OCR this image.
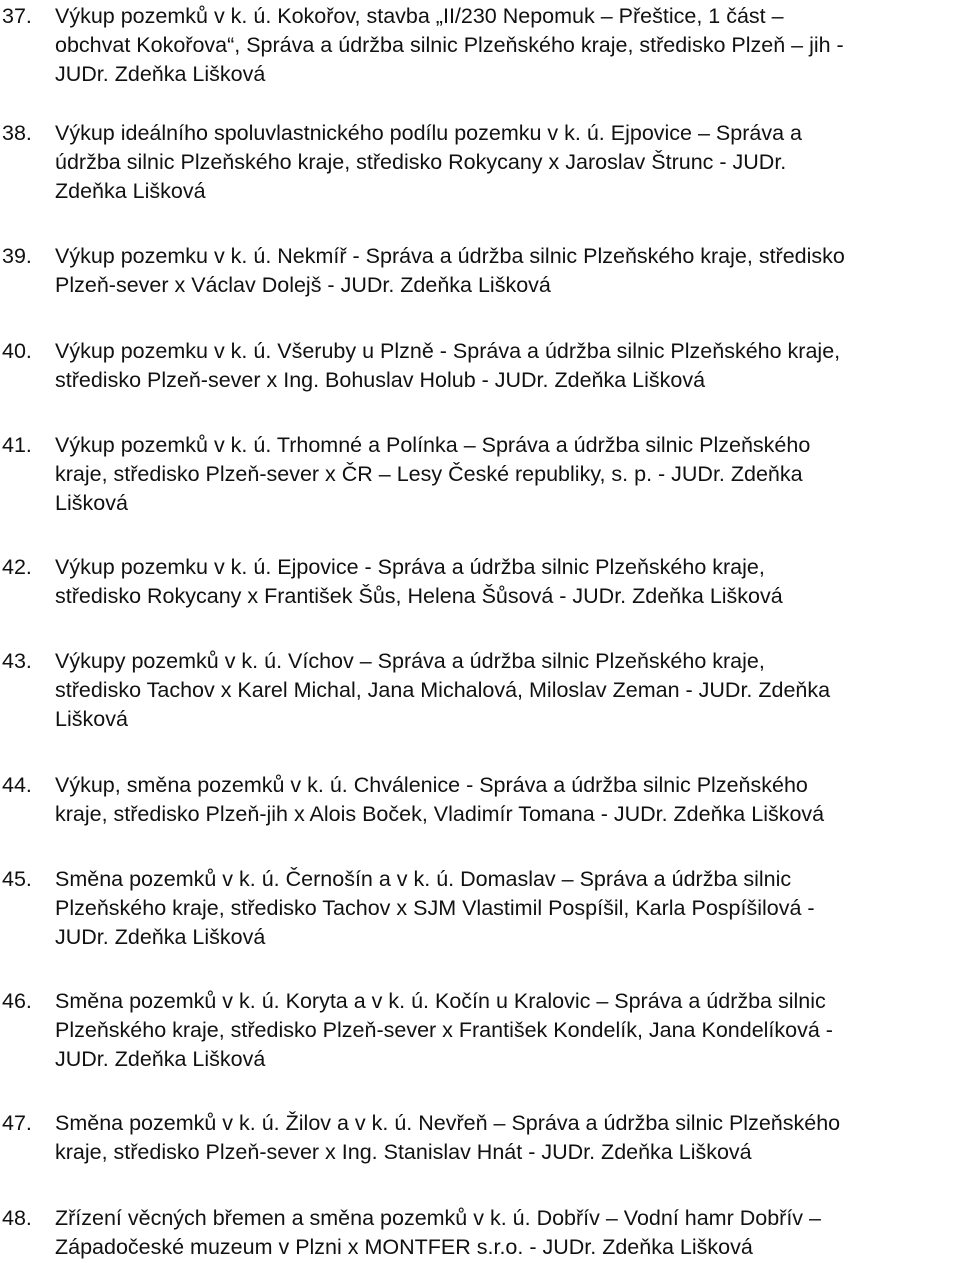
37. Výkup pozemků v k. ú. Kokořov, stavba „II/230 Nepomuk – Přeštice, 1 část –
obchvat Kokořova“, Správa a údržba silnic Plzeňského kraje, středisko Plzeň – jih -
JUDr. Zdeňka Lišková
38. Výkup ideálního spoluvlastnického podílu pozemku v k. ú. Ejpovice – Správa a
údržba silnic Plzeňského kraje, středisko Rokycany x Jaroslav Štrunc - JUDr.
Zdeňka Lišková
39. Výkup pozemku v k. ú. Nekmíř - Správa a údržba silnic Plzeňského kraje, středisko
Plzeň-sever x Václav Dolejš - JUDr. Zdeňka Lišková
40. Výkup pozemku v k. ú. Všeruby u Plzně - Správa a údržba silnic Plzeňského kraje,
středisko Plzeň-sever x Ing. Bohuslav Holub - JUDr. Zdeňka Lišková
41. Výkup pozemků v k. ú. Trhomné a Polínka – Správa a údržba silnic Plzeňského
kraje, středisko Plzeň-sever x ČR – Lesy České republiky, s. p. - JUDr. Zdeňka
Lišková
42. Výkup pozemku v k. ú. Ejpovice - Správa a údržba silnic Plzeňského kraje,
středisko Rokycany x František Šůs, Helena Šůsová - JUDr. Zdeňka Lišková
43. Výkupy pozemků v k. ú. Víchov – Správa a údržba silnic Plzeňského kraje,
středisko Tachov x Karel Michal, Jana Michalová, Miloslav Zeman - JUDr. Zdeňka
Lišková
44. Výkup, směna pozemků v k. ú. Chválenice - Správa a údržba silnic Plzeňského
kraje, středisko Plzeň-jih x Alois Boček, Vladimír Tomana - JUDr. Zdeňka Lišková
45. Směna pozemků v k. ú. Černošín a v k. ú. Domaslav – Správa a údržba silnic
Plzeňského kraje, středisko Tachov x SJM Vlastimil Pospíšil, Karla Pospíšilová -
JUDr. Zdeňka Lišková
46. Směna pozemků v k. ú. Koryta a v k. ú. Kočín u Kralovic – Správa a údržba silnic
Plzeňského kraje, středisko Plzeň-sever x František Kondelík, Jana Kondelíková -
JUDr. Zdeňka Lišková
47. Směna pozemků v k. ú. Žilov a v k. ú. Nevřeň – Správa a údržba silnic Plzeňského
kraje, středisko Plzeň-sever x Ing. Stanislav Hnát - JUDr. Zdeňka Lišková
48. Zřízení věcných břemen a směna pozemků v k. ú. Dobřív – Vodní hamr Dobřív –
Západočeské muzeum v Plzni x MONTFER s.r.o. - JUDr. Zdeňka Lišková
